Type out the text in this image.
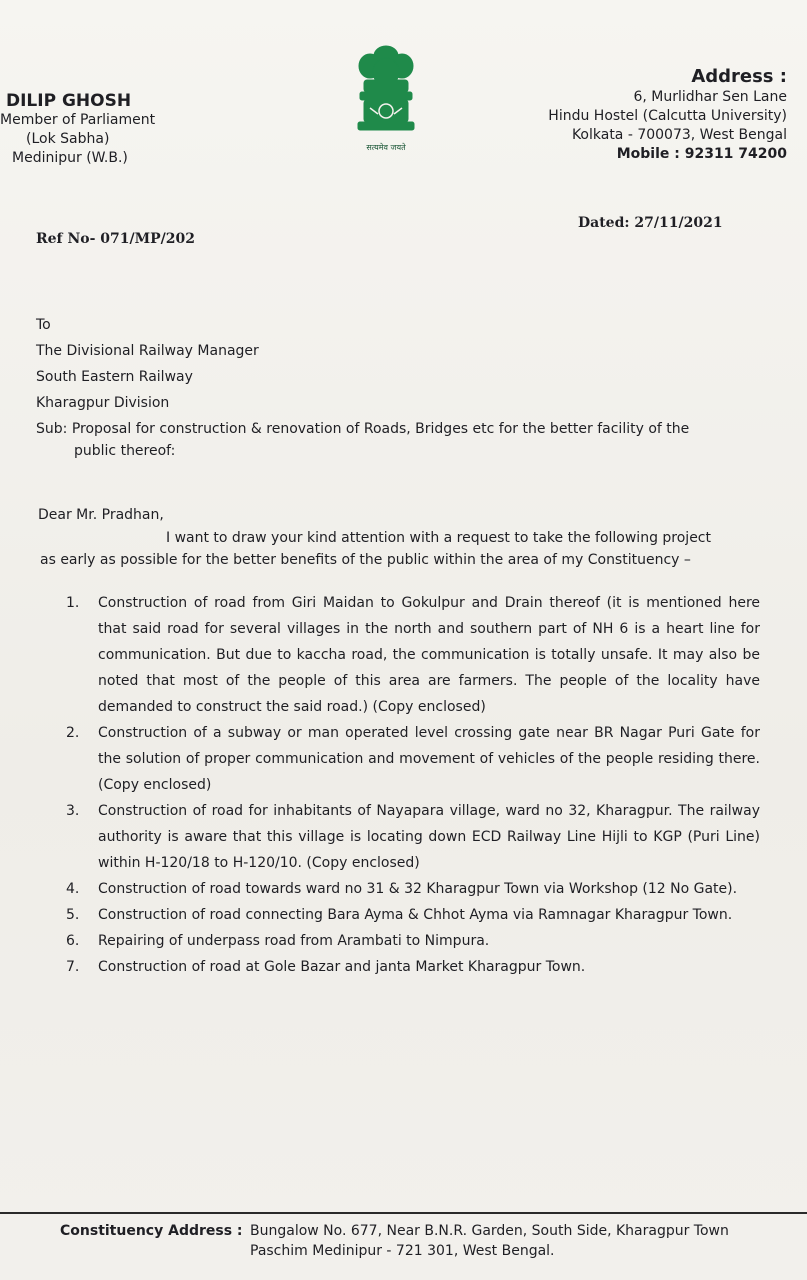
DILIP GHOSH
Member of Parliament
(Lok Sabha)
Medinipur (W.B.)
सत्यमेव जयते
Address :
6, Murlidhar Sen Lane
Hindu Hostel (Calcutta University)
Kolkata - 700073, West Bengal
Mobile : 92311 74200
Ref No- 071/MP/202
Dated: 27/11/2021
To
The Divisional Railway Manager
South Eastern Railway
Kharagpur Division
Sub: Proposal for construction & renovation of Roads, Bridges etc for the better facility of the
public thereof:
Dear Mr. Pradhan,
I want to draw your kind attention with a request to take the following project
as early as possible for the better benefits of the public within the area of my Constituency –
1. Construction of road from Giri Maidan to Gokulpur and Drain thereof (it is mentioned here that said road for several villages in the north and southern part of NH 6 is a heart line for communication. But due to kaccha road, the communication is totally unsafe. It may also be noted that most of the people of this area are farmers. The people of the locality have demanded to construct the said road.) (Copy enclosed)
2. Construction of a subway or man operated level crossing gate near BR Nagar Puri Gate for the solution of proper communication and movement of vehicles of the people residing there. (Copy enclosed)
3. Construction of road for inhabitants of Nayapara village, ward no 32, Kharagpur. The railway authority is aware that this village is locating down ECD Railway Line Hijli to KGP (Puri Line) within H-120/18 to H-120/10. (Copy enclosed)
4. Construction of road towards ward no 31 & 32 Kharagpur Town via Workshop (12 No Gate).
5. Construction of road connecting Bara Ayma & Chhot Ayma via Ramnagar Kharagpur Town.
6. Repairing of underpass road from Arambati to Nimpura.
7. Construction of road at Gole Bazar and janta Market Kharagpur Town.
Constituency Address : Bungalow No. 677, Near B.N.R. Garden, South Side, Kharagpur Town
Paschim Medinipur - 721 301, West Bengal.
